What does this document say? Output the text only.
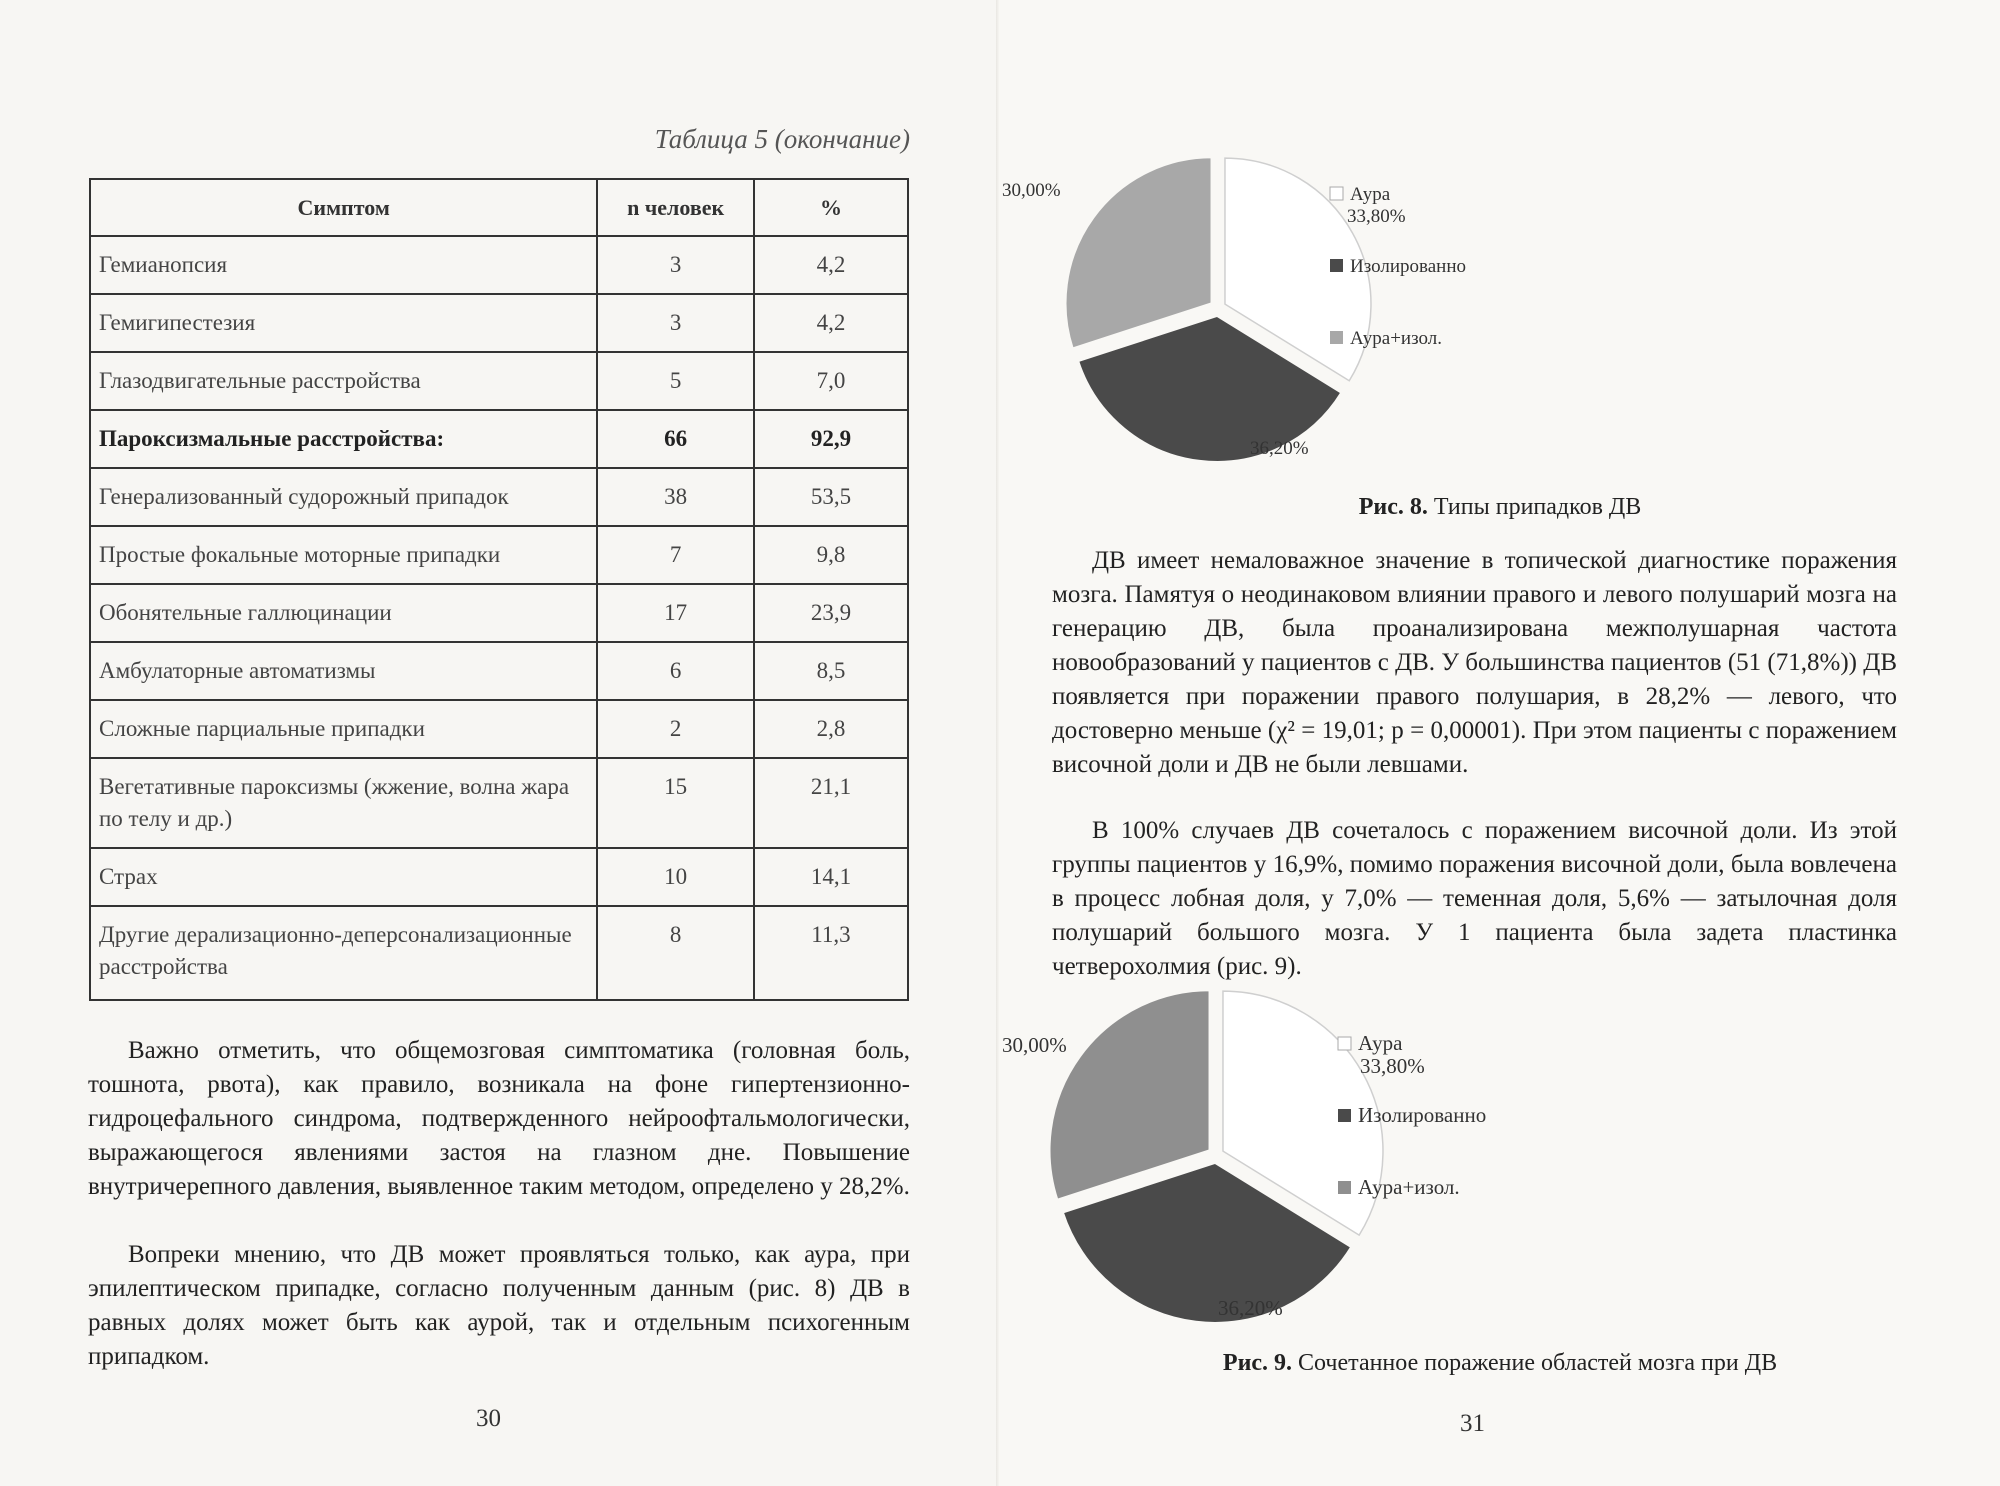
Таблица 5 (окончание)
Симптом	n человек	%
Гемианопсия	3	4,2
Гемигипестезия	3	4,2
Глазодвигательные расстройства	5	7,0
Пароксизмальные расстройства:	66	92,9
Генерализованный судорожный припадок	38	53,5
Простые фокальные моторные припадки	7	9,8
Обонятельные галлюцинации	17	23,9
Амбулаторные автоматизмы	6	8,5
Сложные парциальные припадки	2	2,8
Вегетативные пароксизмы (жжение, волна жара по телу и др.)	15	21,1
Страх	10	14,1
Другие дерализационно-деперсонализационные расстройства	8	11,3

Важно отметить, что общемозговая симптоматика (головная боль, тошнота, рвота), как правило, возникала на фоне гипертензионно-гидроцефального синдрома, подтвержденного нейроофтальмологически, выражающегося явлениями застоя на глазном дне. Повышение внутричерепного давления, выявленное таким методом, определено у 28,2%.

Вопреки мнению, что ДВ может проявляться только, как аура, при эпилептическом припадке, согласно полученным данным (рис. 8) ДВ в равных долях может быть как аурой, так и отдельным психогенным припадком.

30
33,80%
36,20%
30,00%	Аура
Изолированно
Аура+изол.
33,80%
36,20%
30,00%	Аура
Изолированно
Аура+изол.
Рис. 8. Типы припадков ДВ

ДВ имеет немаловажное значение в топической диагностике поражения мозга. Памятуя о неодинаковом влиянии правого и левого полушарий мозга на генерацию ДВ, была проанализирована межполушарная частота новообразований у пациентов с ДВ. У большинства пациентов (51 (71,8%)) ДВ появляется при поражении правого полушария, в 28,2% — левого, что достоверно меньше (χ² = 19,01; р = 0,00001). При этом пациенты с поражением височной доли и ДВ не были левшами.

В 100% случаев ДВ сочеталось с поражением височной доли. Из этой группы пациентов у 16,9%, помимо поражения височной доли, была вовлечена в процесс лобная доля, у 7,0% — теменная доля, 5,6% — затылочная доля полушарий большого мозга. У 1 пациента была задета пластинка четверохолмия (рис. 9).

Рис. 9. Сочетанное поражение областей мозга при ДВ
31
